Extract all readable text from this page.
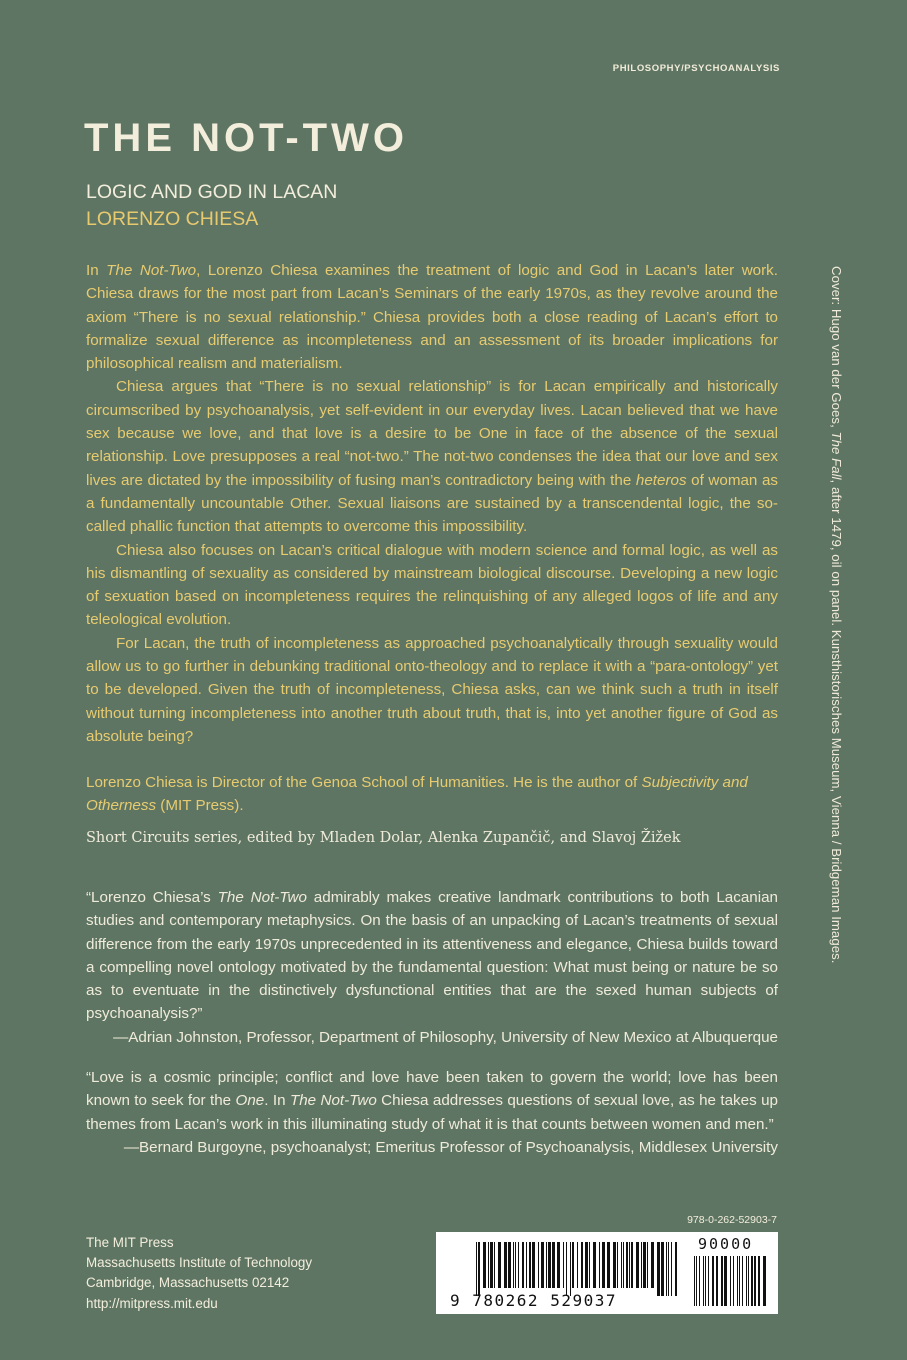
PHILOSOPHY/PSYCHOANALYSIS
THE NOT-TWO
LOGIC AND GOD IN LACAN
LORENZO CHIESA

In The Not-Two, Lorenzo Chiesa examines the treatment of logic and God in Lacan’s later work. Chiesa draws for the most part from Lacan’s Seminars of the early 1970s, as they revolve around the axiom “There is no sexual relationship.” Chiesa provides both a close reading of Lacan’s effort to formalize sexual difference as incompleteness and an assessment of its broader implications for philosophical realism and materialism.

Chiesa argues that “There is no sexual relationship” is for Lacan empirically and historically circumscribed by psychoanalysis, yet self-evident in our everyday lives. Lacan believed that we have sex because we love, and that love is a desire to be One in face of the absence of the sexual relationship. Love presupposes a real “not-two.” The not-two condenses the idea that our love and sex lives are dictated by the impossibility of fusing man’s contradictory being with the heteros of woman as a fundamentally uncountable Other. Sexual liaisons are sustained by a transcendental logic, the so-called phallic function that attempts to overcome this impossibility.

Chiesa also focuses on Lacan’s critical dialogue with modern science and formal logic, as well as his dismantling of sexuality as considered by mainstream biological discourse. Developing a new logic of sexuation based on incompleteness requires the relinquishing of any alleged logos of life and any teleological evolution.

For Lacan, the truth of incompleteness as approached psychoanalytically through sexuality would allow us to go further in debunking traditional onto-theology and to replace it with a “para-ontology” yet to be developed. Given the truth of incompleteness, Chiesa asks, can we think such a truth in itself without turning incompleteness into another truth about truth, that is, into yet another figure of God as absolute being?

Lorenzo Chiesa is Director of the Genoa School of Humanities. He is the author of Subjectivity and Otherness (MIT Press).

Short Circuits series, edited by Mladen Dolar, Alenka Zupančič, and Slavoj Žižek

“Lorenzo Chiesa’s The Not-Two admirably makes creative landmark contributions to both Lacanian studies and contemporary metaphysics. On the basis of an unpacking of Lacan’s treatments of sexual difference from the early 1970s unprecedented in its attentiveness and elegance, Chiesa builds toward a compelling novel ontology motivated by the fundamental question: What must being or nature be so as to eventuate in the distinctively dysfunctional entities that are the sexed human subjects of psychoanalysis?”

—Adrian Johnston, Professor, Department of Philosophy, University of New Mexico at Albuquerque

“Love is a cosmic principle; conflict and love have been taken to govern the world; love has been known to seek for the One. In The Not-Two Chiesa addresses questions of sexual love, as he takes up themes from Lacan’s work in this illuminating study of what it is that counts between women and men.”

—Bernard Burgoyne, psychoanalyst; Emeritus Professor of Psychoanalysis, Middlesex University

Cover: Hugo van der Goes, The Fall, after 1479, oil on panel. Kunsthistorisches Museum, Vienna / Bridgeman Images.
The MIT Press
Massachusetts Institute of Technology
Cambridge, Massachusetts 02142
http://mitpress.mit.edu
978-0-262-52903-7
9 780262 529037
90000
